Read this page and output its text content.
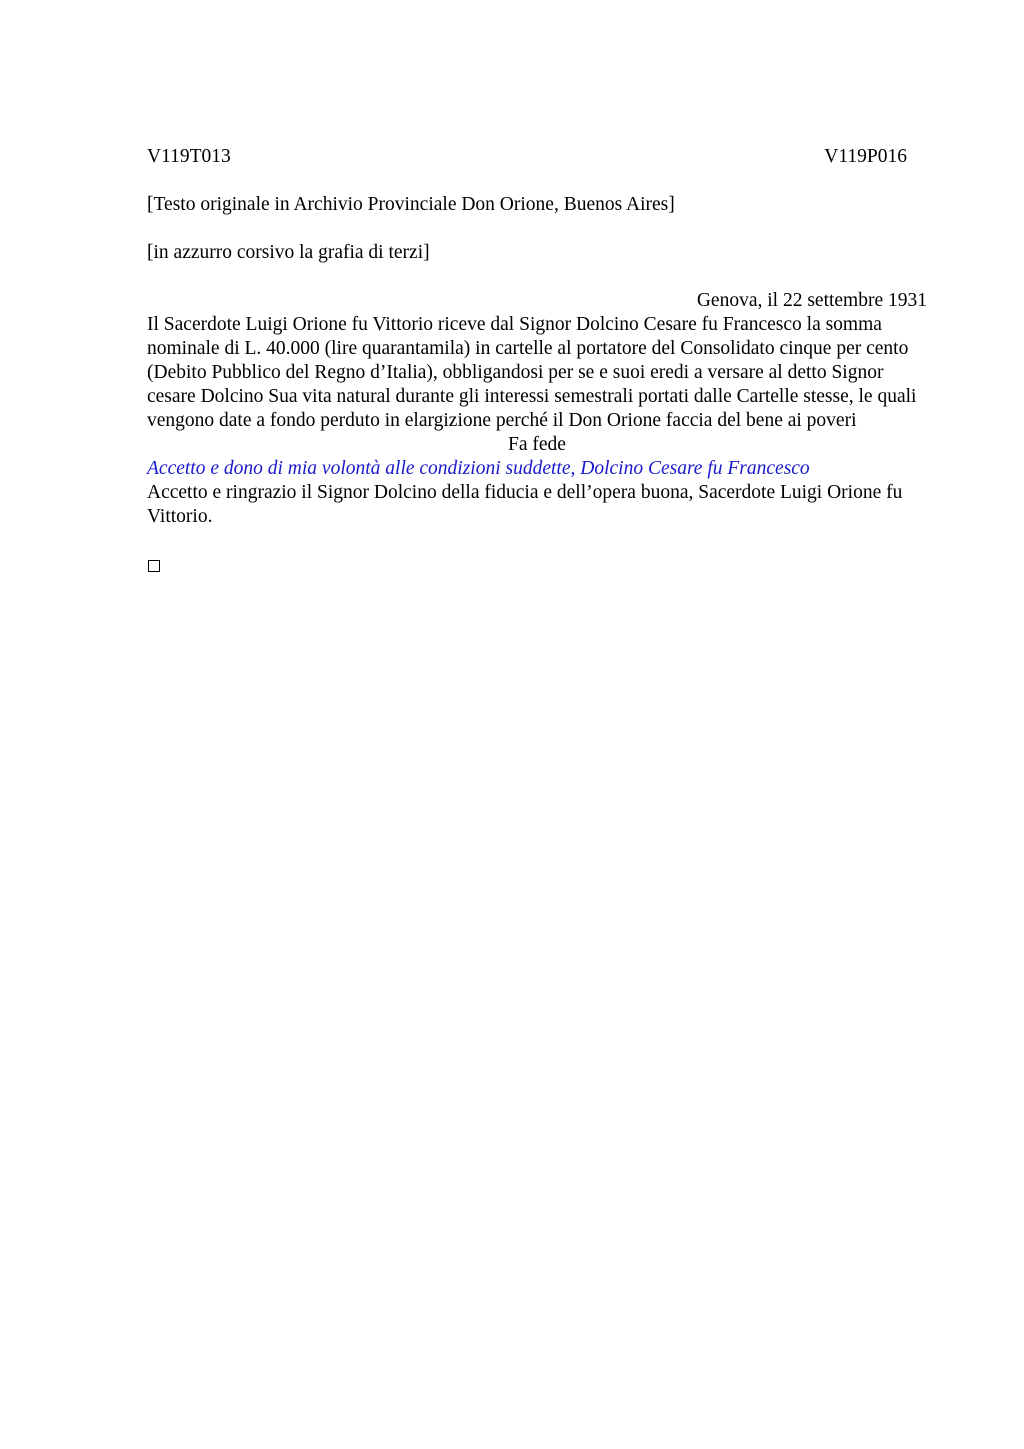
V119T013	V119P016

[Testo originale in Archivio Provinciale Don Orione, Buenos Aires]

[in azzurro corsivo la grafia di terzi]

Genova, il 22 settembre 1931

Il Sacerdote Luigi Orione fu Vittorio riceve dal Signor Dolcino Cesare fu Francesco la somma nominale di L. 40.000 (lire quarantamila) in cartelle al portatore del Consolidato cinque per cento (Debito Pubblico del Regno d’Italia), obbligandosi per se e suoi eredi a versare al detto Signor cesare Dolcino Sua vita natural durante gli interessi semestrali portati dalle Cartelle stesse, le quali vengono date a fondo perduto in elargizione perché il Don Orione faccia del bene ai poveri

Fa fede

Accetto e dono di mia volontà alle condizioni suddette, Dolcino Cesare fu Francesco

Accetto e ringrazio il Signor Dolcino della fiducia e dell’opera buona, Sacerdote Luigi Orione fu Vittorio.
